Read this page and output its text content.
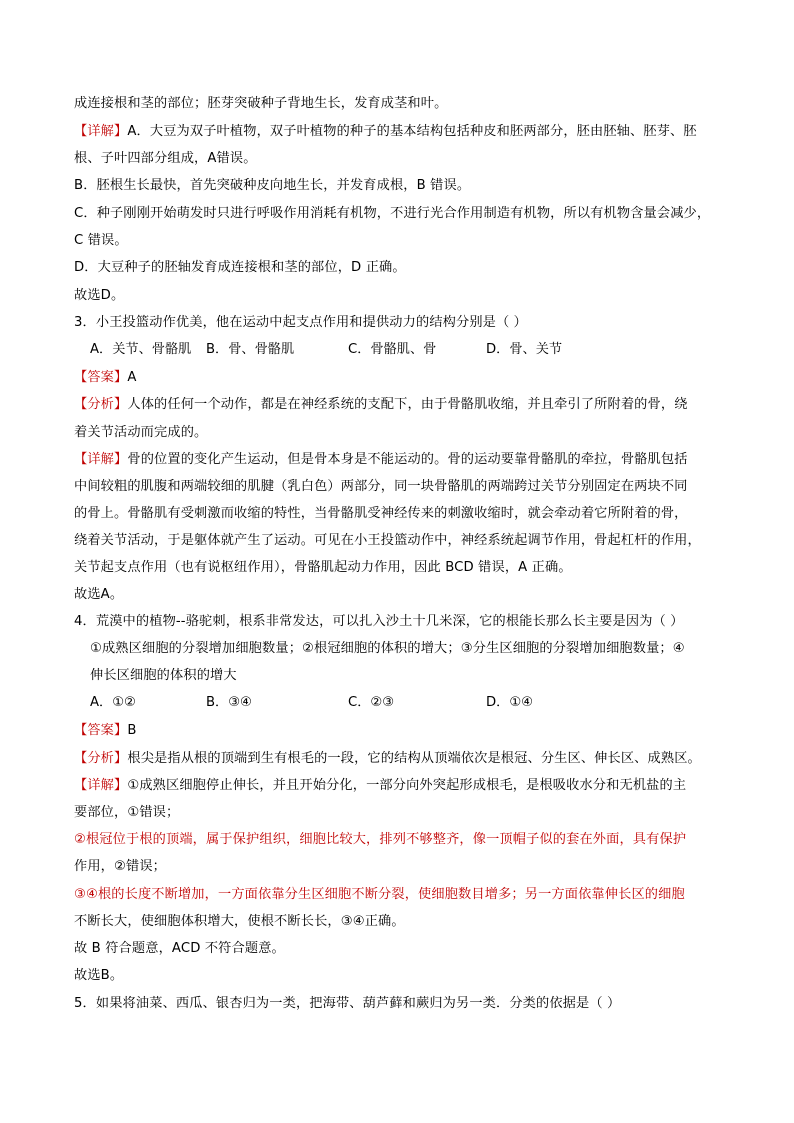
成连接根和茎的部位；胚芽突破种子背地生长，发育成茎和叶。
【详解】A．大豆为双子叶植物，双子叶植物的种子的基本结构包括种皮和胚两部分，胚由胚轴、胚芽、胚
根、子叶四部分组成，A错误。
B．胚根生长最快，首先突破种皮向地生长，并发育成根，B 错误。
C．种子刚刚开始萌发时只进行呼吸作用消耗有机物，不进行光合作用制造有机物，所以有机物含量会减少，
C 错误。
D．大豆种子的胚轴发育成连接根和茎的部位，D 正确。
故选D。
3．小王投篮动作优美，他在运动中起支点作用和提供动力的结构分别是（ ）
A．关节、骨骼肌 B．骨、骨骼肌	C．骨骼肌、骨	D．骨、关节
【答案】A
【分析】人体的任何一个动作，都是在神经系统的支配下，由于骨骼肌收缩，并且牵引了所附着的骨，绕
着关节活动而完成的。
【详解】骨的位置的变化产生运动，但是骨本身是不能运动的。骨的运动要靠骨骼肌的牵拉，骨骼肌包括
中间较粗的肌腹和两端较细的肌腱（乳白色）两部分，同一块骨骼肌的两端跨过关节分别固定在两块不同
的骨上。骨骼肌有受刺激而收缩的特性，当骨骼肌受神经传来的刺激收缩时，就会牵动着它所附着的骨，
绕着关节活动，于是躯体就产生了运动。可见在小王投篮动作中，神经系统起调节作用，骨起杠杆的作用，
关节起支点作用（也有说枢纽作用），骨骼肌起动力作用，因此 BCD 错误，A 正确。
故选A。
4．荒漠中的植物--骆驼刺，根系非常发达，可以扎入沙土十几米深，它的根能长那么长主要是因为（ ）
①成熟区细胞的分裂增加细胞数量；②根冠细胞的体积的增大；③分生区细胞的分裂增加细胞数量；④
伸长区细胞的体积的增大
A．①②	B．③④	C．②③	D．①④
【答案】B
【分析】根尖是指从根的顶端到生有根毛的一段，它的结构从顶端依次是根冠、分生区、伸长区、成熟区。
【详解】①成熟区细胞停止伸长，并且开始分化，一部分向外突起形成根毛，是根吸收水分和无机盐的主
要部位，①错误；
②根冠位于根的顶端，属于保护组织，细胞比较大，排列不够整齐，像一顶帽子似的套在外面，具有保护
作用，②错误；
③④根的长度不断增加，一方面依靠分生区细胞不断分裂，使细胞数目增多；另一方面依靠伸长区的细胞
不断长大，使细胞体积增大，使根不断长长，③④正确。
故 B 符合题意，ACD 不符合题意。
故选B。
5．如果将油菜、西瓜、银杏归为一类，把海带、葫芦藓和蕨归为另一类．分类的依据是（ ）
